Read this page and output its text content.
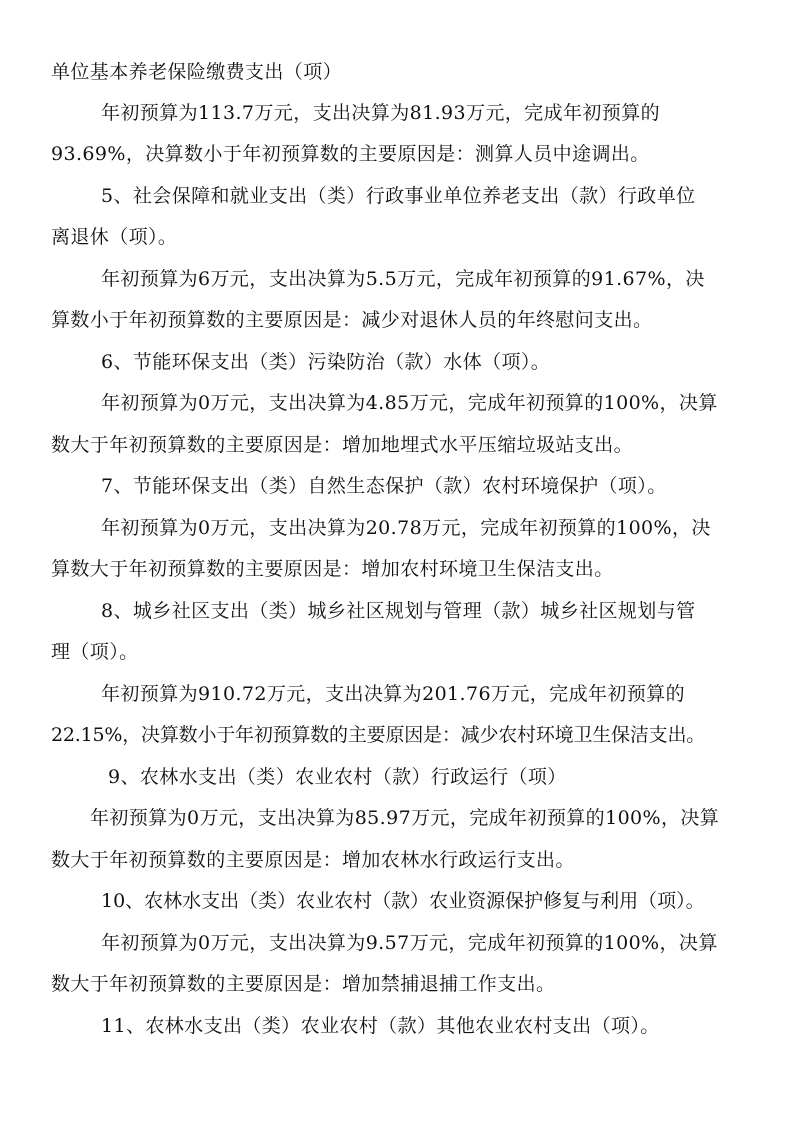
单位基本养老保险缴费支出（项）

年初预算为113.7万元，支出决算为81.93万元，完成年初预算的

93.69%，决算数小于年初预算数的主要原因是：测算人员中途调出。

5、社会保障和就业支出（类）行政事业单位养老支出（款）行政单位

离退休（项）。

年初预算为6万元，支出决算为5.5万元，完成年初预算的91.67%，决

算数小于年初预算数的主要原因是：减少对退休人员的年终慰问支出。

6、节能环保支出（类）污染防治（款）水体（项）。

年初预算为0万元，支出决算为4.85万元，完成年初预算的100%，决算

数大于年初预算数的主要原因是：增加地埋式水平压缩垃圾站支出。

7、节能环保支出（类）自然生态保护（款）农村环境保护（项）。

年初预算为0万元，支出决算为20.78万元，完成年初预算的100%，决

算数大于年初预算数的主要原因是：增加农村环境卫生保洁支出。

8、城乡社区支出（类）城乡社区规划与管理（款）城乡社区规划与管

理（项）。

年初预算为910.72万元，支出决算为201.76万元，完成年初预算的

22.15%，决算数小于年初预算数的主要原因是：减少农村环境卫生保洁支出。

9、农林水支出（类）农业农村（款）行政运行（项）

年初预算为0万元，支出决算为85.97万元，完成年初预算的100%，决算

数大于年初预算数的主要原因是：增加农林水行政运行支出。

10、农林水支出（类）农业农村（款）农业资源保护修复与利用（项）。

年初预算为0万元，支出决算为9.57万元，完成年初预算的100%，决算

数大于年初预算数的主要原因是：增加禁捕退捕工作支出。

11、农林水支出（类）农业农村（款）其他农业农村支出（项）。
